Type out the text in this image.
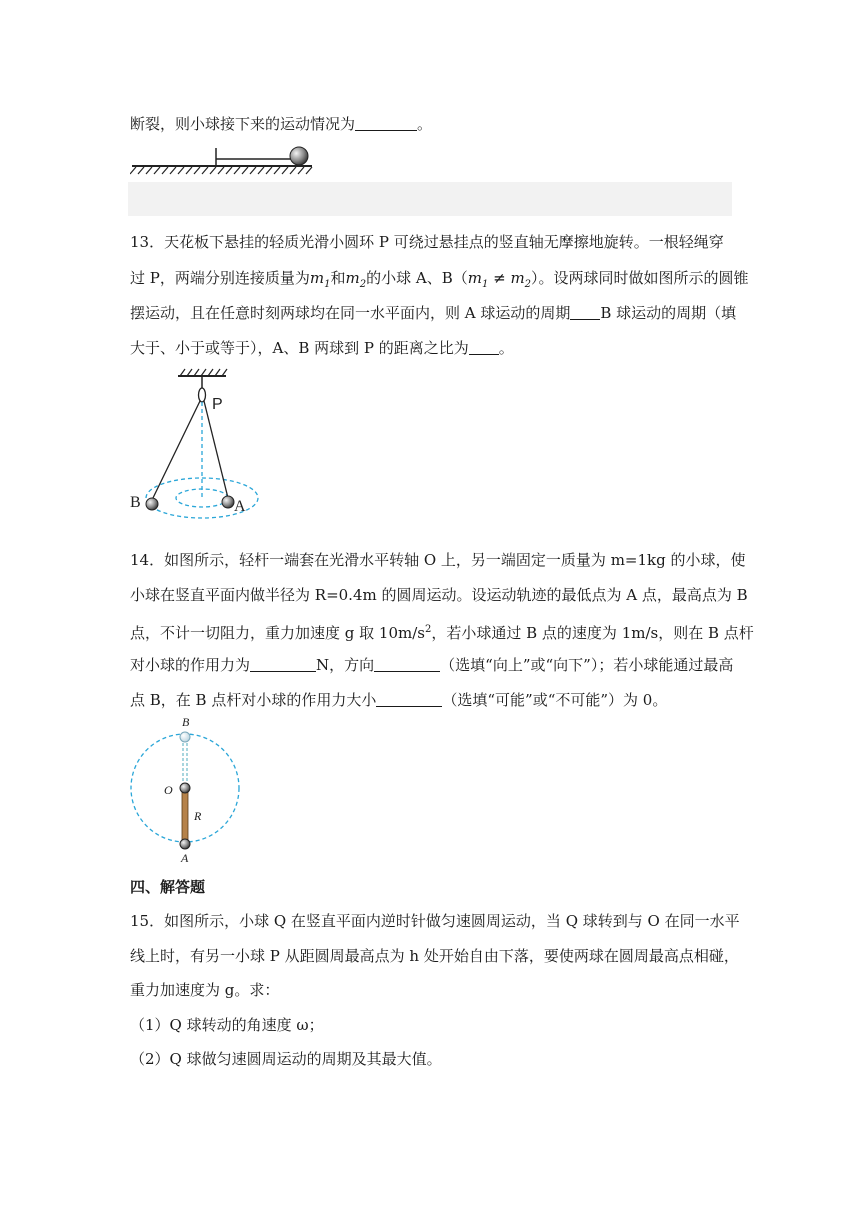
断裂，则小球接下来的运动情况为	。
13．天花板下悬挂的轻质光滑小圆环 P 可绕过悬挂点的竖直轴无摩擦地旋转。一根轻绳穿
过 P，两端分别连接质量为$m_1$和$m_2$的小球 A、$B(m_1 \ne m_2)$。设两球同时做如图所示的圆锥
摆运动，且在任意时刻两球均在同一水平面内，则 A 球运动的周期 B 球运动的周期（填
大于、小于或等于），A、B 两球到 P 的距离之比为 。
P
B	A
14．如图所示，轻杆一端套在光滑水平转轴 O 上，另一端固定一质量为 m=1kg 的小球，使
小球在竖直平面内做半径为 R=0.4m 的圆周运动。设运动轨迹的最低点为 A 点，最高点为 B
点，不计一切阻力，重力加速度 g 取 $10m/s^2$，若小球通过 B 点的速度为 1m/s，则在 B 点杆
对小球的作用力为	N，方向	（选填“向上”或“向下”）；若小球能通过最高
点 B，在 B 点杆对小球的作用力大小	（选填“可能”或“不可能”）为 0。
B
O
R
A
四、解答题
15．如图所示，小球 Q 在竖直平面内逆时针做匀速圆周运动，当 Q 球转到与 O 在同一水平
线上时，有另一小球 P 从距圆周最高点为 h 处开始自由下落，要使两球在圆周最高点相碰，
重力加速度为 g。求：
（1）Q 球转动的角速度 ω；
（2）Q 球做匀速圆周运动的周期及其最大值。
